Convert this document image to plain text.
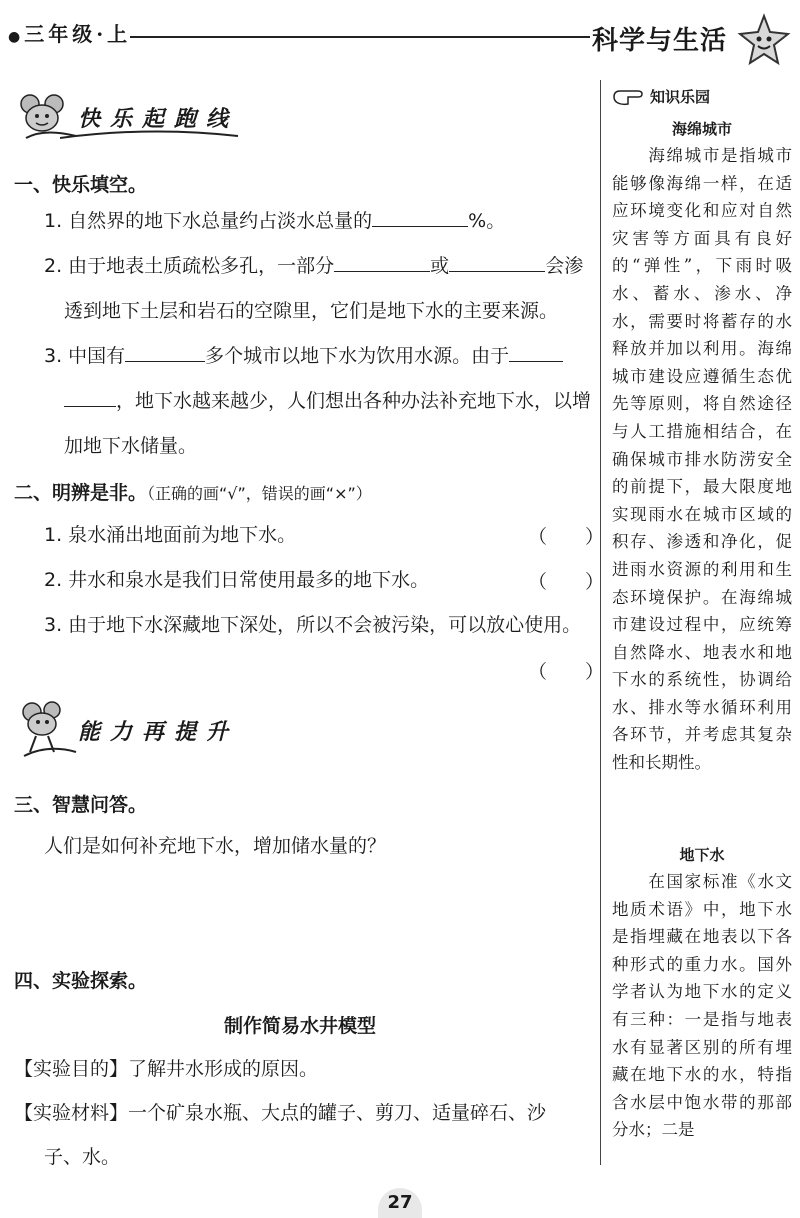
●三年级·上	科学与生活
快乐起跑线
一、快乐填空。
1. 自然界的地下水总量约占淡水总量的	%。
2. 由于地表土质疏松多孔，一部分	或	会渗
透到地下土层和岩石的空隙里，它们是地下水的主要来源。
3. 中国有	多个城市以地下水为饮用水源。由于
，地下水越来越少，人们想出各种办法补充地下水，以增
加地下水储量。
二、明辨是非。（正确的画“√”，错误的画“×”）
1. 泉水涌出地面前为地下水。	（　　）
2. 井水和泉水是我们日常使用最多的地下水。	（　　）
3. 由于地下水深藏地下深处，所以不会被污染，可以放心使用。
（　　）
能力再提升
三、智慧问答。
人们是如何补充地下水，增加储水量的？
四、实验探索。
制作简易水井模型
【实验目的】了解井水形成的原因。
【实验材料】一个矿泉水瓶、大点的罐子、剪刀、适量碎石、沙
子、水。
知识乐园
海绵城市
　　海绵城市是指城市能够像海绵一样，在适应环境变化和应对自然灾害等方面具有良好的“弹性”，下雨时吸水、蓄水、渗水、净水，需要时将蓄存的水释放并加以利用。海绵城市建设应遵循生态优先等原则，将自然途径与人工措施相结合，在确保城市排水防涝安全的前提下，最大限度地实现雨水在城市区域的积存、渗透和净化，促进雨水资源的利用和生态环境保护。在海绵城市建设过程中，应统筹自然降水、地表水和地下水的系统性，协调给水、排水等水循环利用各环节，并考虑其复杂性和长期性。
地下水
　　在国家标准《水文地质术语》中，地下水是指埋藏在地表以下各种形式的重力水。国外学者认为地下水的定义有三种：一是指与地表水有显著区别的所有埋藏在地下水的水，特指含水层中饱水带的那部分水；二是
27
